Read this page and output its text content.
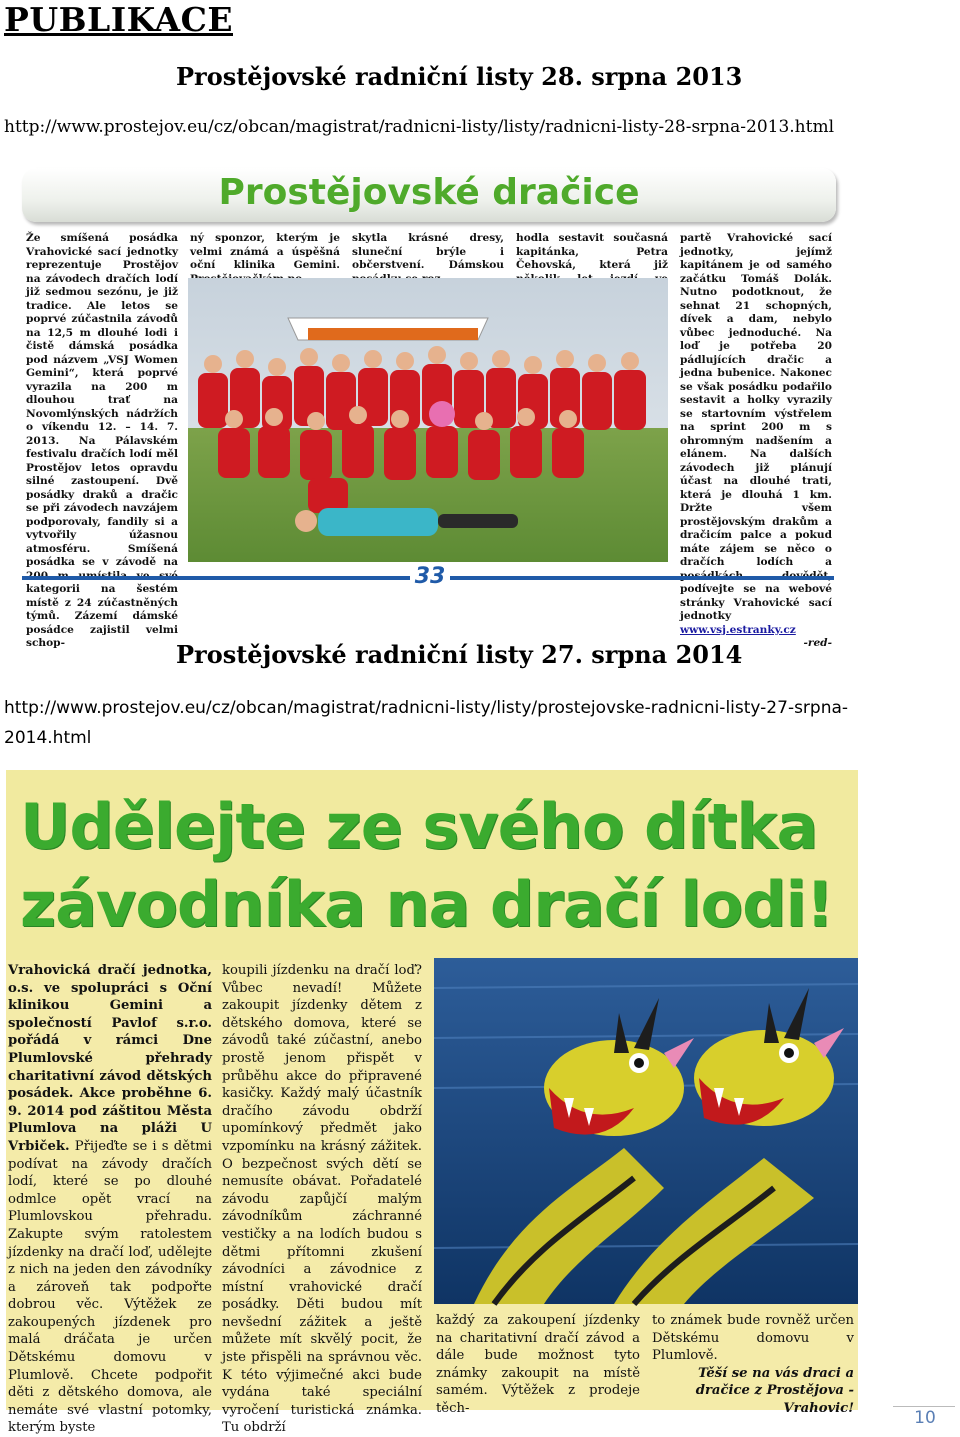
PUBLIKACE
Prostějovské radniční listy 28. srpna 2013
http://www.prostejov.eu/cz/obcan/magistrat/radnicni-listy/listy/radnicni-listy-28-srpna-2013.html
Prostějovské dračice
Že smíšená posádka Vrahovické sací jednotky reprezentuje Prostějov na závodech dračích lodí již sedmou sezónu, je již tradice. Ale letos se poprvé zúčastnila závodů na 12,5 m dlouhé lodi i čistě dámská posádka pod názvem „VSJ Women Gemini“, která poprvé vyrazila na 200 m dlouhou trať na Novomlýnských nádržích o víkendu 12. – 14. 7. 2013. Na Pálavském festivalu dračích lodí měl Prostějov letos opravdu silné zastoupení. Dvě posádky draků a dračic se při závodech navzájem podporovaly, fandily si a vytvořily úžasnou atmosféru. Smíšená posádka se v závodě na kategorii na šestém místě z 24 zúčastněných týmů. Zázemí dámské posádce zajistil velmi schop-
ný sponzor, kterým je velmi známá a úspěšná oční klinika Gemini.
skytla krásné dresy, sluneční brýle i občerstvení. Dámskou
hodla sestavit současná kapitánka, Petra Čehovská, která již
partě Vrahovické sací jednotky, jejímž kapitánem je od samého začátku Tomáš Dolák. Nutno podotknout, že sehnat 21 schopných, dívek a dam, nebylo vůbec jednoduché. Na loď je potřeba 20 pádlujících dračic a jedna bubenice. Nakonec se však posádku podařilo sestavit a holky vyrazily se startovním výstřelem na sprint 200 m s ohromným nadšením a elánem. Na dalších závodech již plánují účast na dlouhé trati, která je dlouhá 1 km. Držte všem prostějovským drakům a dračicím palce a pokud máte zájem se něco o dračích lodích a podívejte se na webové stránky Vrahovické sací jednotky www.vsj.estranky.cz
-red-
33
Prostějovské radniční listy 27. srpna 2014
http://www.prostejov.eu/cz/obcan/magistrat/radnicni-listy/listy/prostejovske-radnicni-listy-27-srpna-2014.html
Udělejte ze svého dítka závodníka na dračí lodi!
Vrahovická dračí jednotka, o.s. ve spolupráci s Oční klinikou Gemini a společností Pavlof s.r.o. pořádá v rámci Dne Plumlovské přehrady charitativní závod dětských posádek. Akce proběhne 6. 9. 2014 pod záštitou Města Plumlova na pláži U Vrbiček. Přijeďte se i s dětmi podívat na závody dračích lodí, které se po dlouhé odmlce opět vrací na Plumlovskou přehradu. Zakupte svým ratolestem jízdenky na dračí loď, udělejte z nich na jeden den závodníky a zároveň tak podpořte dobrou věc. Výtěžek ze zakoupených jízdenek pro malá dráčata je určen Dětskému domovu v Plumlově. Chcete podpořit děti z dětského domova, ale nemáte své vlastní potomky, kterým byste
koupili jízdenku na dračí loď? Vůbec nevadí! Můžete zakoupit jízdenky dětem z dětského domova, které se závodů také zúčastní, anebo prostě jenom přispět v průběhu akce do připravené kasičky. Každý malý účastník dračího závodu obdrží upomínkový předmět jako vzpomínku na krásný zážitek. O bezpečnost svých dětí se nemusíte obávat. Pořadatelé závodu zapůjčí malým závodníkům záchranné vestičky a na lodích budou s dětmi přítomni zkušení závodníci a závodnice z místní vrahovické dračí posádky. Děti budou mít nevšední zážitek a ještě můžete mít skvělý pocit, že jste přispěli na správnou věc. K této výjimečné akci bude vydána také speciální vyročení turistická známka. Tu obdrží
každý za zakoupení jízdenky na charitativní dračí závod a dále bude možnost tyto známky zakoupit na místě samém. Výtěžek z prodeje těch-
to známek bude rovněž určen Dětskému domovu v Plumlově.
Těší se na vás draci a dračice z Prostějova - Vrahovic!	10
